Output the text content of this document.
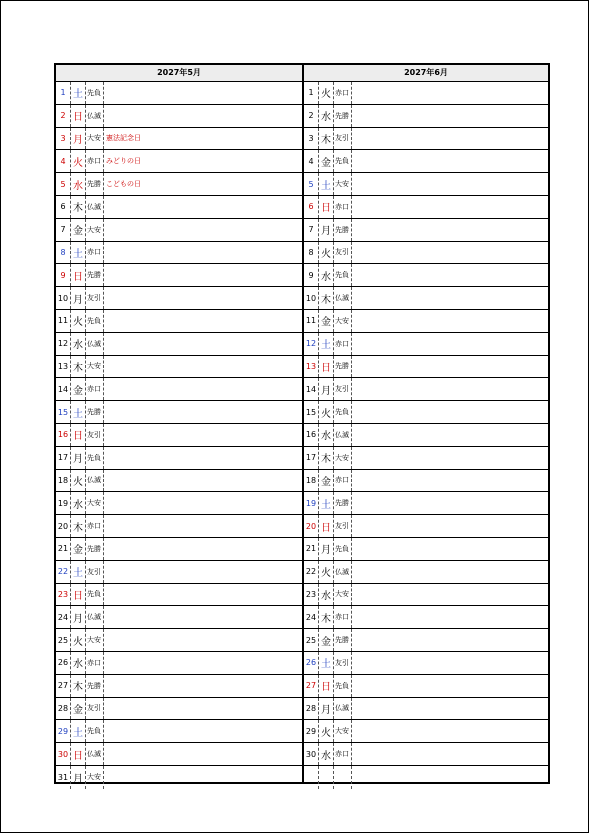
2027年5月
1 土 先負
2 日 仏滅
3 月 大安 憲法記念日
4 火 赤口 みどりの日
5 水 先勝 こどもの日
6 木 仏滅
7 金 大安
8 土 赤口
9 日 先勝
10 月 友引
11 火 先負
12 水 仏滅
13 木 大安
14 金 赤口
15 土 先勝
16 日 友引
17 月 先負
18 火 仏滅
19 水 大安
20 木 赤口
21 金 先勝
22 土 友引
23 日 先負
24 月 仏滅
25 火 大安
26 水 赤口
27 木 先勝
28 金 友引
29 土 先負
30 日 仏滅
31 月 大安
2027年6月
1 火 赤口
2 水 先勝
3 木 友引
4 金 先負
5 土 大安
6 日 赤口
7 月 先勝
8 火 友引
9 水 先負
10 木 仏滅
11 金 大安
12 土 赤口
13 日 先勝
14 月 友引
15 火 先負
16 水 仏滅
17 木 大安
18 金 赤口
19 土 先勝
20 日 友引
21 月 先負
22 火 仏滅
23 水 大安
24 木 赤口
25 金 先勝
26 土 友引
27 日 先負
28 月 仏滅
29 火 大安
30 水 赤口
